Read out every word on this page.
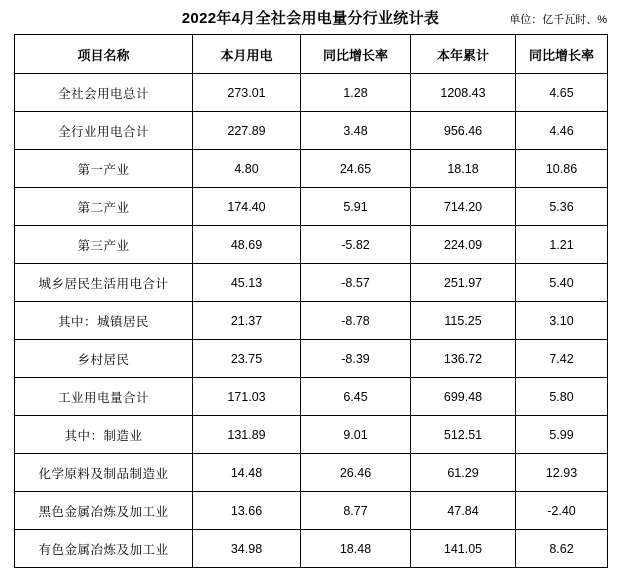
2022年4月全社会用电量分行业统计表	单位：亿千瓦时、%
项目名称	本月用电	同比增长率	本年累计	同比增长率
全社会用电总计	273.01	1.28	1208.43	4.65
全行业用电合计	227.89	3.48	956.46	4.46
第一产业	4.80	24.65	18.18	10.86
第二产业	174.40	5.91	714.20	5.36
第三产业	48.69	-5.82	224.09	1.21
城乡居民生活用电合计	45.13	-8.57	251.97	5.40
其中：城镇居民	21.37	-8.78	115.25	3.10
乡村居民	23.75	-8.39	136.72	7.42
工业用电量合计	171.03	6.45	699.48	5.80
其中：制造业	131.89	9.01	512.51	5.99
化学原料及制品制造业	14.48	26.46	61.29	12.93
黑色金属冶炼及加工业	13.66	8.77	47.84	-2.40
有色金属冶炼及加工业	34.98	18.48	141.05	8.62
